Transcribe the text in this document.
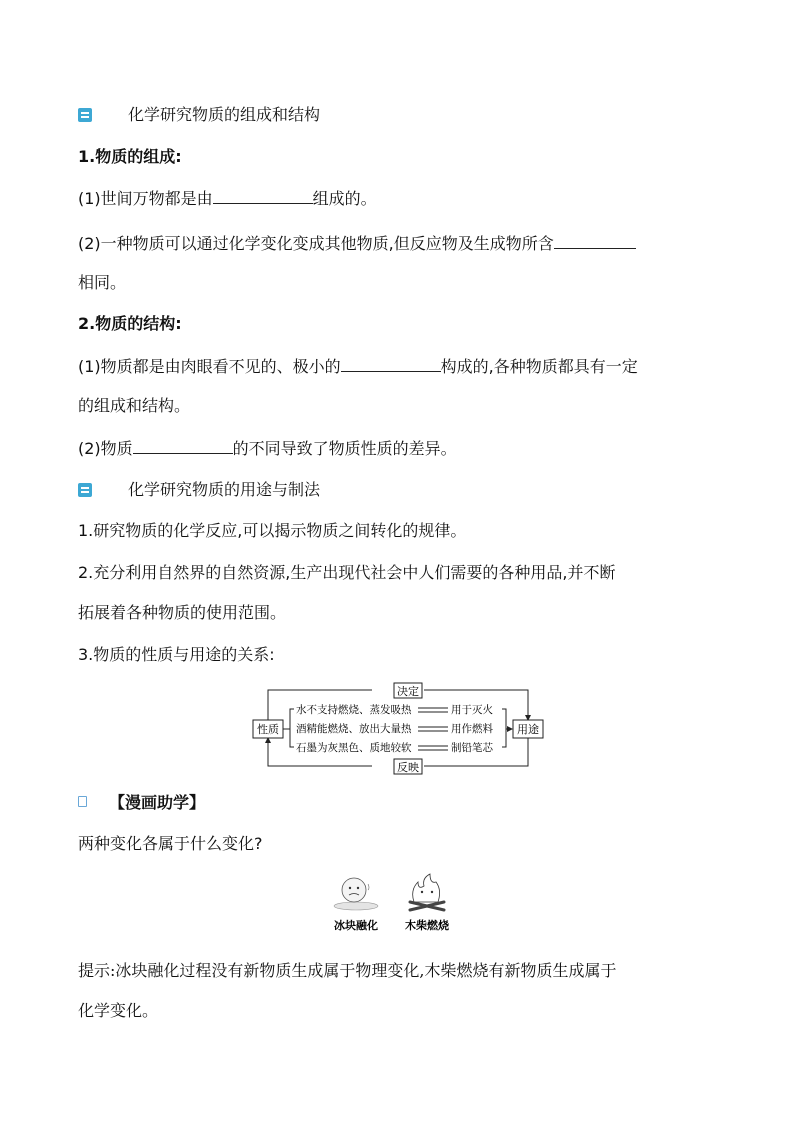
化学研究物质的组成和结构
1.物质的组成:
(1)世间万物都是由	组成的。
(2)一种物质可以通过化学变化变成其他物质,但反应物及生成物所含
相同。
2.物质的结构:
(1)物质都是由肉眼看不见的、极小的	构成的,各种物质都具有一定
的组成和结构。
(2)物质	的不同导致了物质性质的差异。
化学研究物质的用途与制法
1.研究物质的化学反应,可以揭示物质之间转化的规律。
2.充分利用自然界的自然资源,生产出现代社会中人们需要的各种用品,并不断
拓展着各种物质的使用范围。
3.物质的性质与用途的关系:
决定
反映
性质	用途
水不支持燃烧、蒸发吸热	用于灭火
酒精能燃烧、放出大量热	用作燃料
石墨为灰黑色、质地较软	制铅笔芯
【漫画助学】
两种变化各属于什么变化?
冰块融化 木柴燃烧
提示:冰块融化过程没有新物质生成属于物理变化,木柴燃烧有新物质生成属于
化学变化。
